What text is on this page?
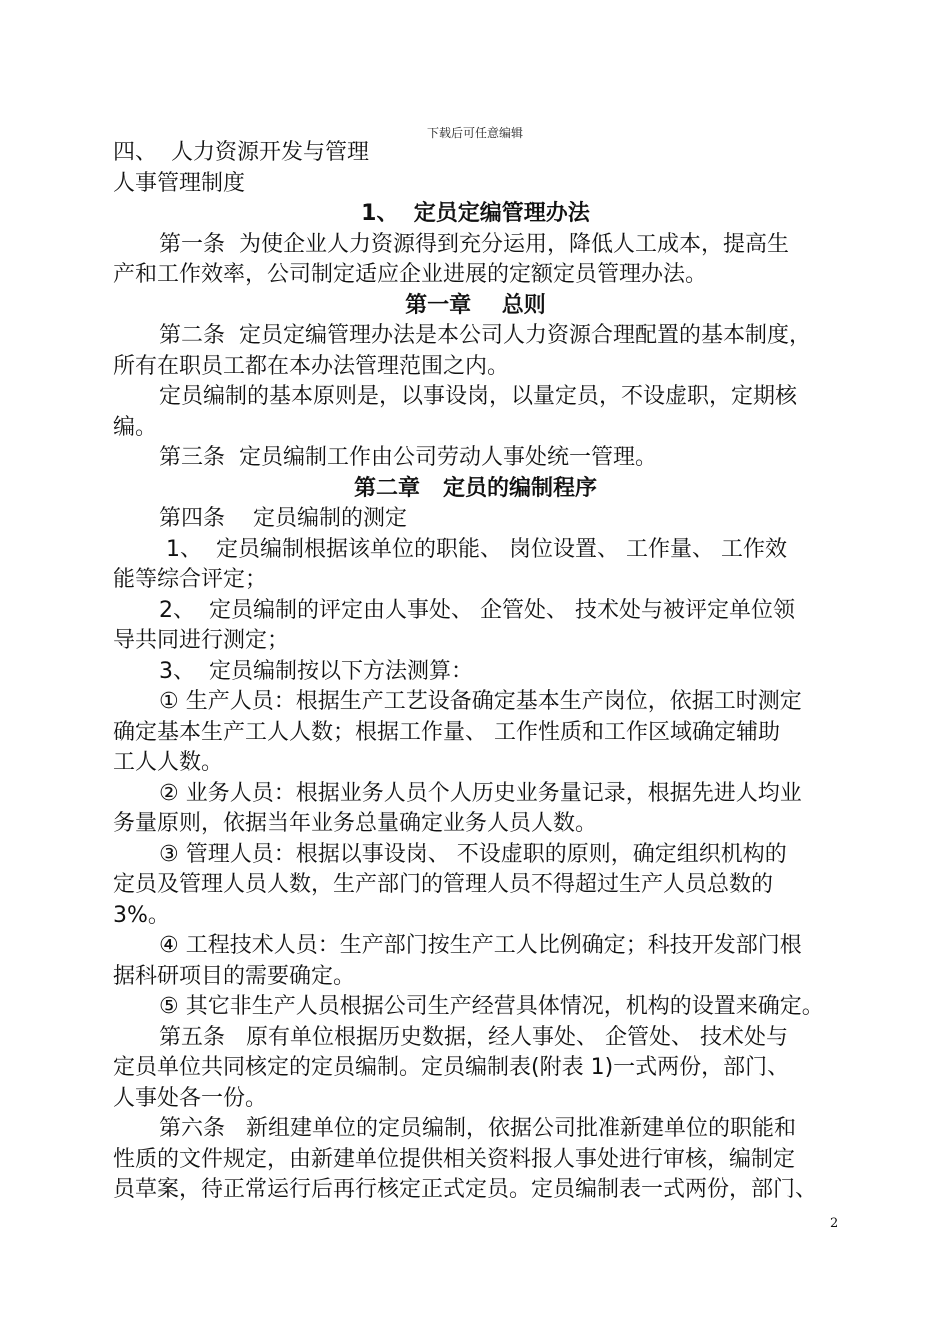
下载后可任意编辑

四、  人力资源开发与管理

人事管理制度

1、  定员定编管理办法

第一条  为使企业人力资源得到充分运用，降低人工成本，提高生

产和工作效率，公司制定适应企业进展的定额定员管理办法。

第一章    总则

第二条  定员定编管理办法是本公司人力资源合理配置的基本制度，

所有在职员工都在本办法管理范围之内。

定员编制的基本原则是，以事设岗，以量定员，不设虚职，定期核

编。

第三条  定员编制工作由公司劳动人事处统一管理。

第二章   定员的编制程序

第四条    定员编制的测定

1、  定员编制根据该单位的职能、 岗位设置、 工作量、 工作效

能等综合评定；

2、  定员编制的评定由人事处、 企管处、 技术处与被评定单位领

导共同进行测定；

3、  定员编制按以下方法测算：

① 生产人员：根据生产工艺设备确定基本生产岗位，依据工时测定

确定基本生产工人人数；根据工作量、 工作性质和工作区域确定辅助

工人人数。

② 业务人员：根据业务人员个人历史业务量记录，根据先进人均业

务量原则，依据当年业务总量确定业务人员人数。

③ 管理人员：根据以事设岗、 不设虚职的原则，确定组织机构的

定员及管理人员人数，生产部门的管理人员不得超过生产人员总数的

3%。

④ 工程技术人员：生产部门按生产工人比例确定；科技开发部门根

据科研项目的需要确定。

⑤ 其它非生产人员根据公司生产经营具体情况，机构的设置来确定。

第五条   原有单位根据历史数据，经人事处、 企管处、 技术处与

定员单位共同核定的定员编制。定员编制表(附表 1)一式两份，部门、

人事处各一份。

第六条   新组建单位的定员编制，依据公司批准新建单位的职能和

性质的文件规定，由新建单位提供相关资料报人事处进行审核，编制定

员草案，待正常运行后再行核定正式定员。定员编制表一式两份，部门、

2
